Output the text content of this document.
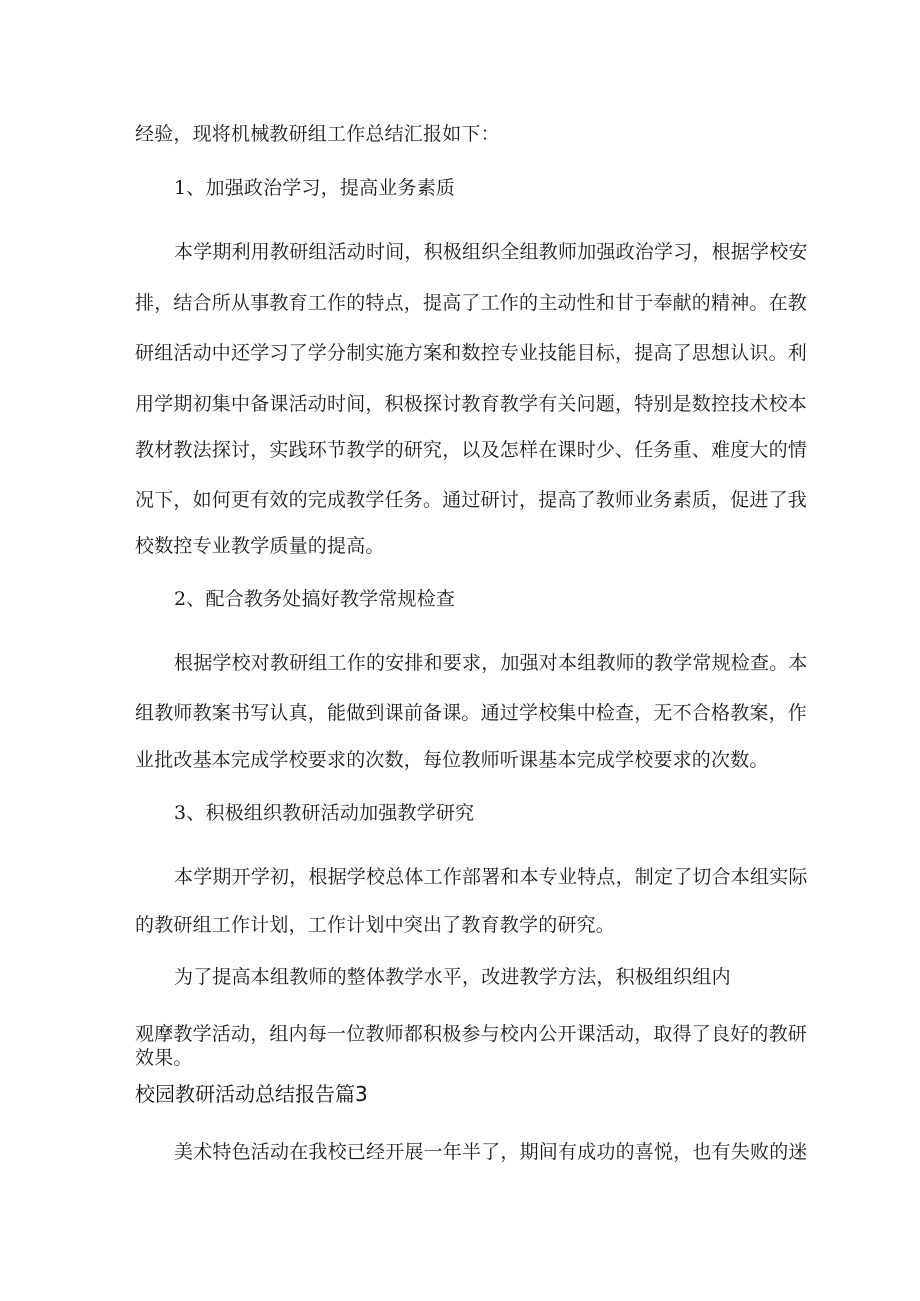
经验，现将机械教研组工作总结汇报如下：
1、加强政治学习，提高业务素质
本学期利用教研组活动时间，积极组织全组教师加强政治学习，根据学校安
排，结合所从事教育工作的特点，提高了工作的主动性和甘于奉献的精神。在教
研组活动中还学习了学分制实施方案和数控专业技能目标，提高了思想认识。利
用学期初集中备课活动时间，积极探讨教育教学有关问题，特别是数控技术校本
教材教法探讨，实践环节教学的研究，以及怎样在课时少、任务重、难度大的情
况下，如何更有效的完成教学任务。通过研讨，提高了教师业务素质，促进了我
校数控专业教学质量的提高。
2、配合教务处搞好教学常规检查
根据学校对教研组工作的安排和要求，加强对本组教师的教学常规检查。本
组教师教案书写认真，能做到课前备课。通过学校集中检查，无不合格教案，作
业批改基本完成学校要求的次数，每位教师听课基本完成学校要求的次数。
3、积极组织教研活动加强教学研究
本学期开学初，根据学校总体工作部署和本专业特点，制定了切合本组实际
的教研组工作计划，工作计划中突出了教育教学的研究。
为了提高本组教师的整体教学水平，改进教学方法，积极组织组内
观摩教学活动，组内每一位教师都积极参与校内公开课活动，取得了良好的教研
效果。
校园教研活动总结报告篇3
美术特色活动在我校已经开展一年半了，期间有成功的喜悦，也有失败的迷
